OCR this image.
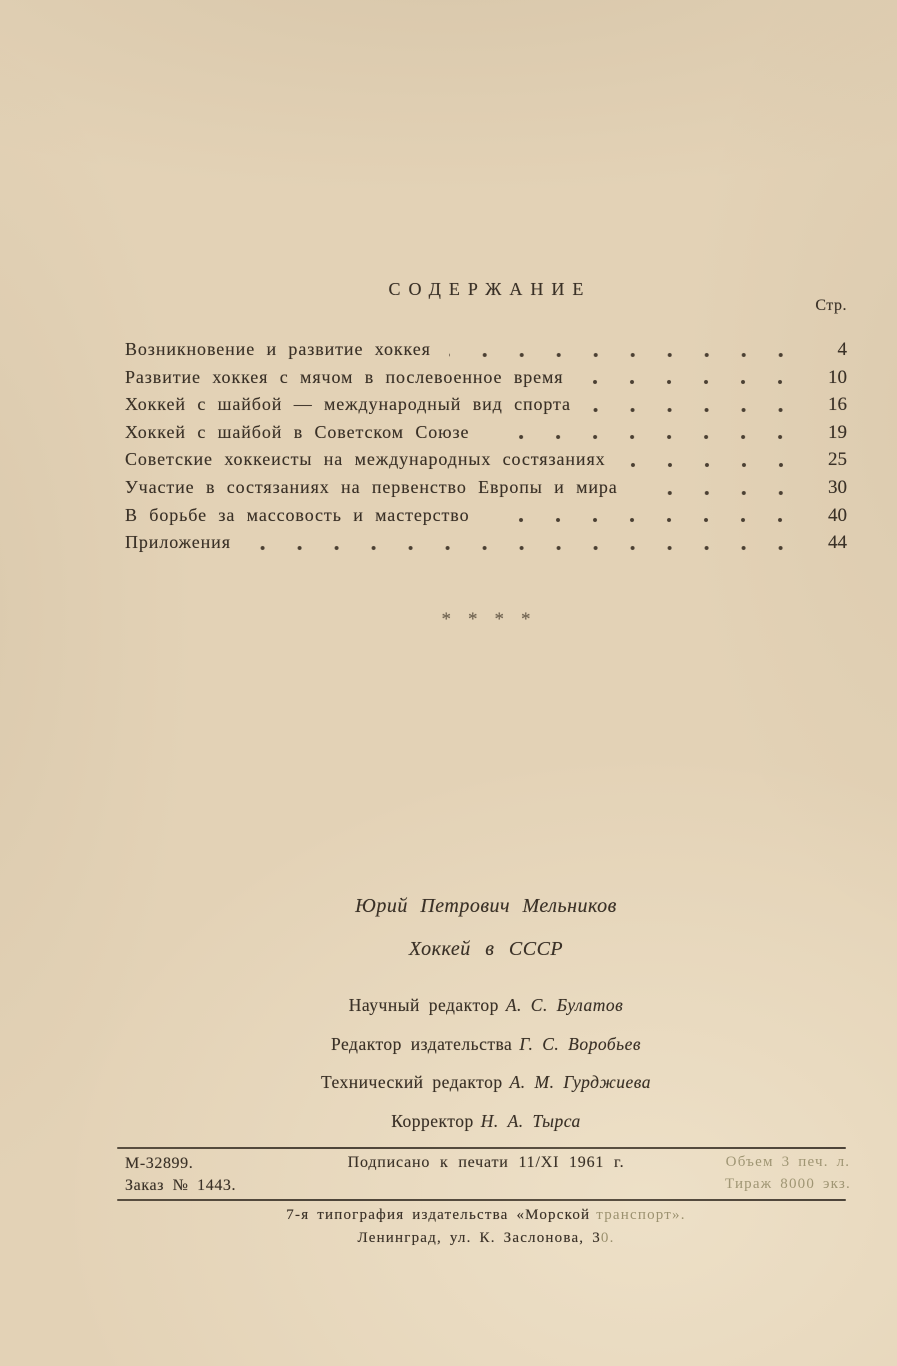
СОДЕРЖАНИЕ
Стр.
Возникновение и развитие хоккея	4
Развитие хоккея с мячом в послевоенное время	10
Хоккей с шайбой — международный вид спорта	16
Хоккей с шайбой в Советском Союзе	19
Советские хоккеисты на международных состязаниях	25
Участие в состязаниях на первенство Европы и мира	30
В борьбе за массовость и мастерство	40
Приложения	44
****
Юрий Петрович Мельников
Хоккей в СССР
Научный редактор А. С. Булатов
Редактор издательства Г. С. Воробьев
Технический редактор А. М. Гурджиева
Корректор Н. А. Тырса
М-32899.
Заказ № 1443.
Подписано к печати 11/XI 1961 г.	Объем 3 печ. л.
Тираж 8000 экз.
7-я типография издательства «Морской транспорт».
Ленинград, ул. К. Заслонова, 30.
